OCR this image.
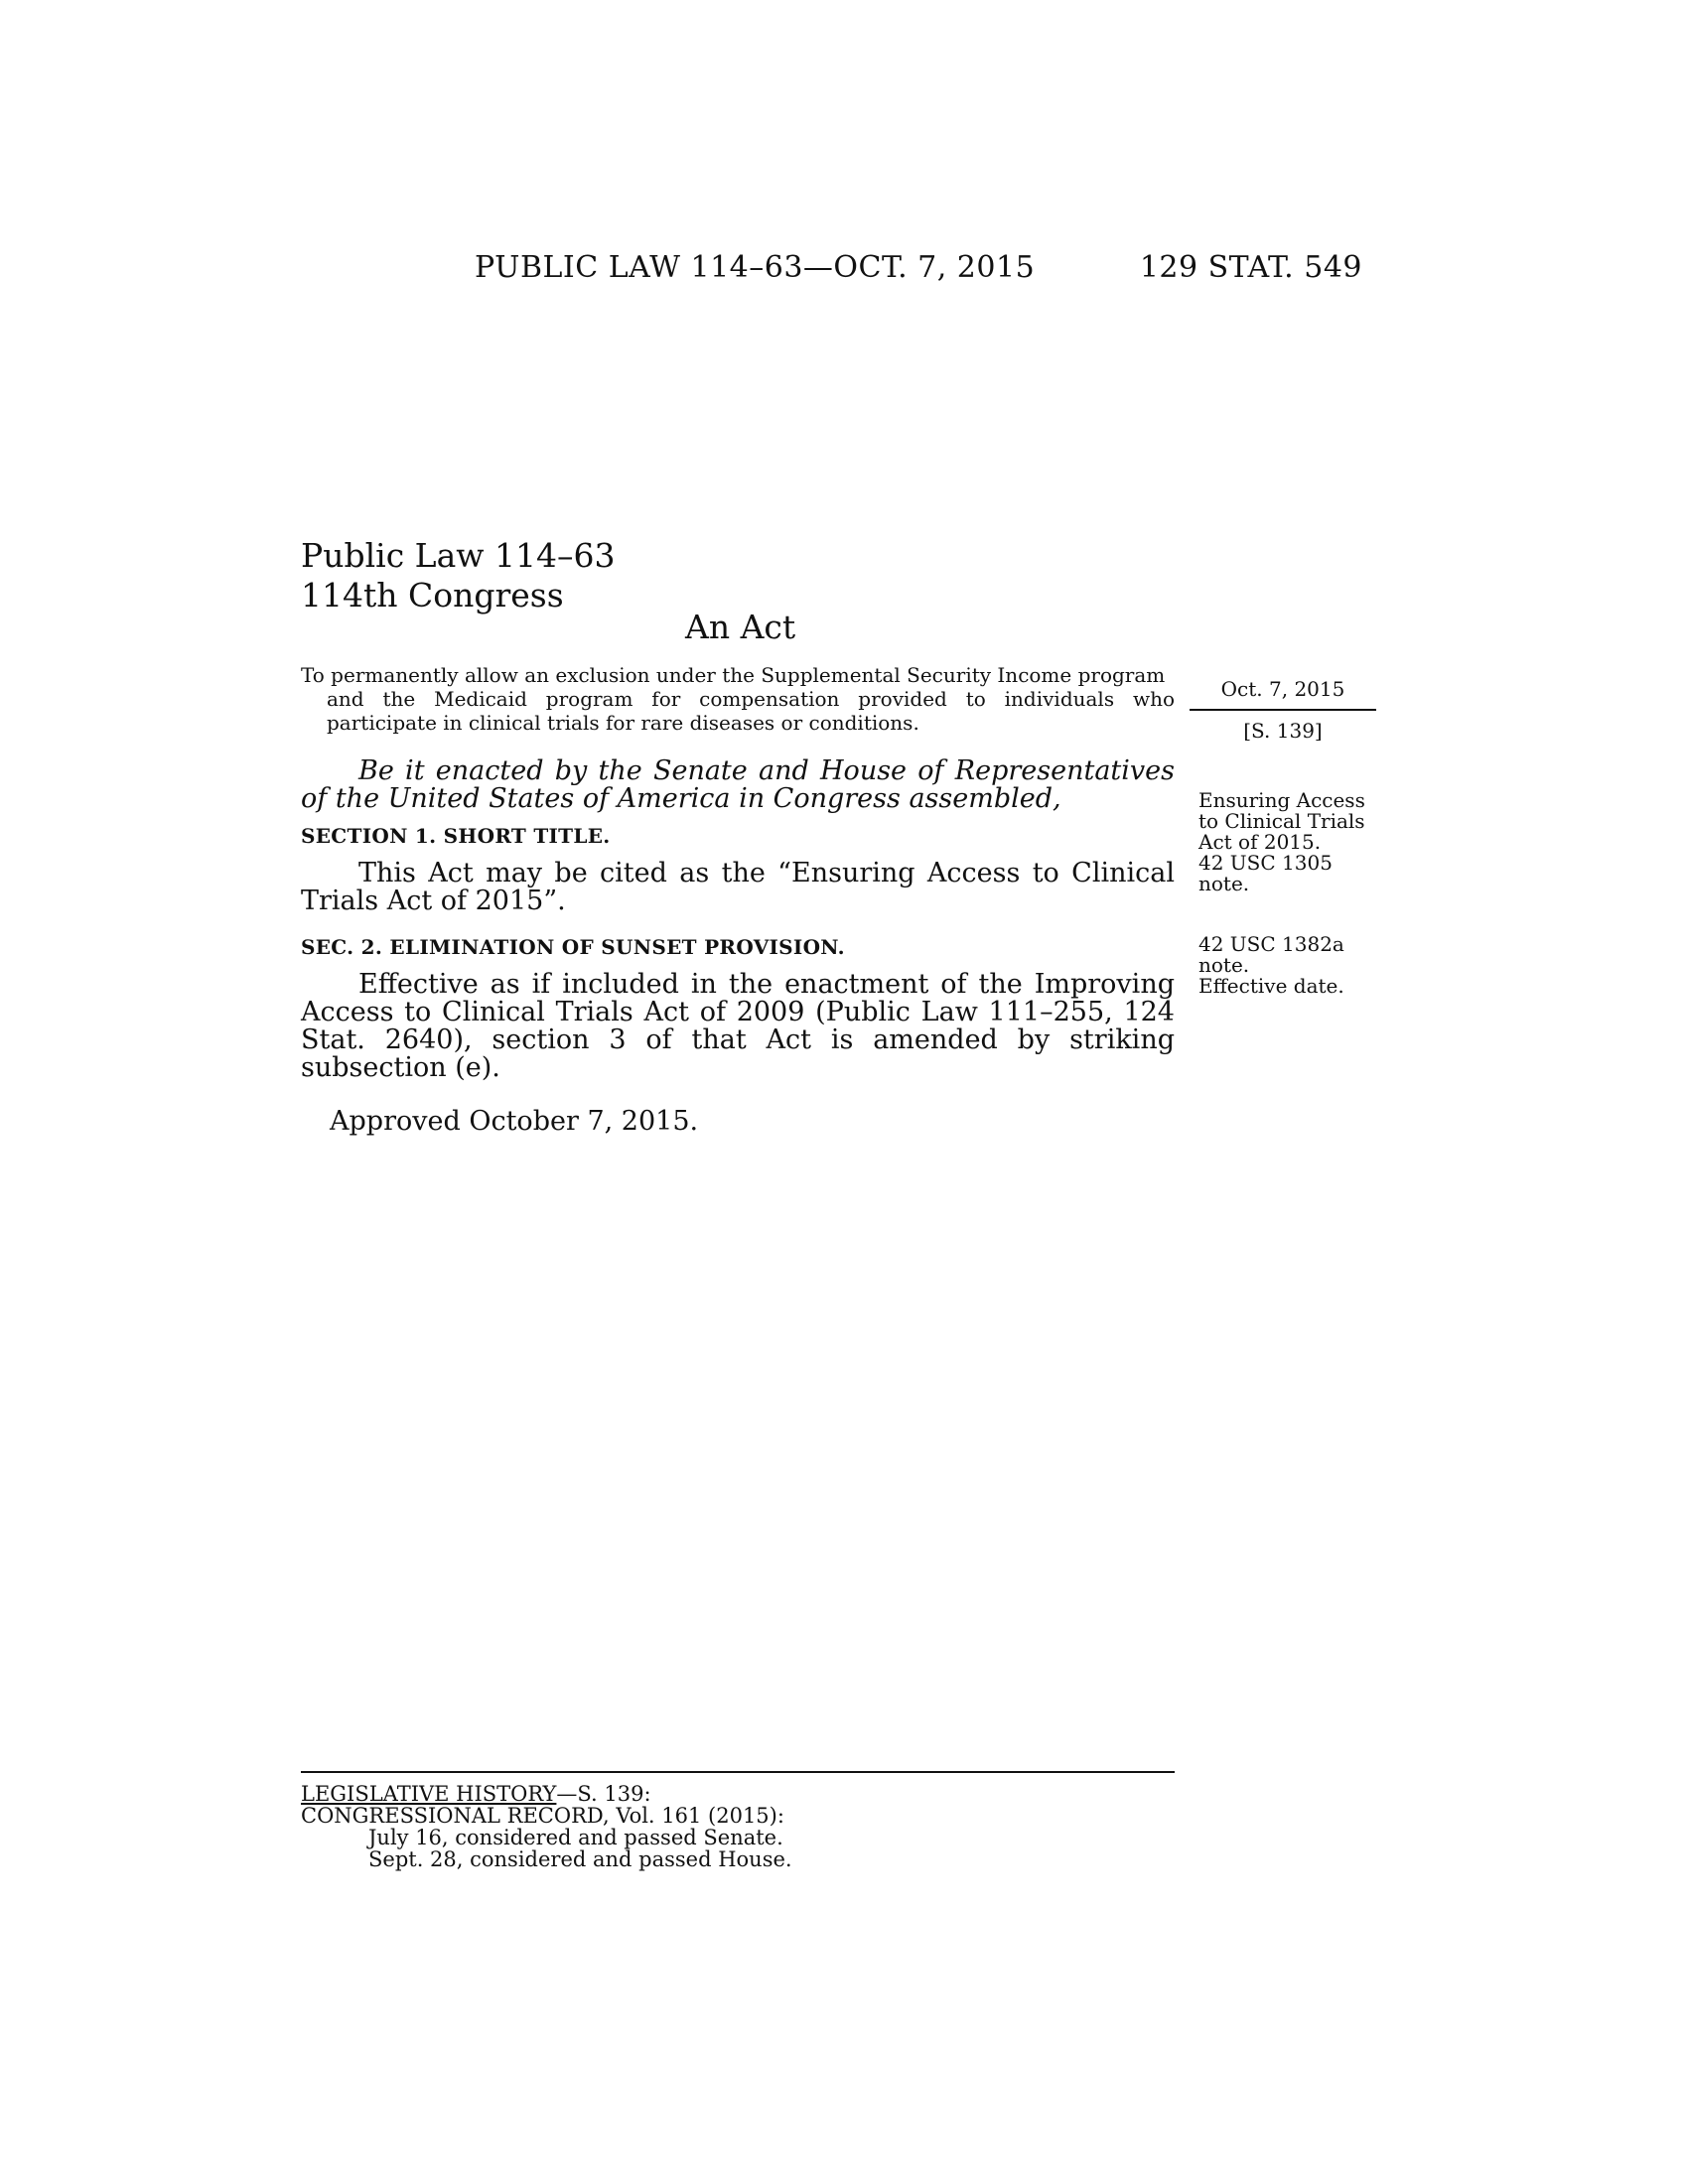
PUBLIC LAW 114–63—OCT. 7, 2015	129 STAT. 549
Public Law 114–63
114th Congress
An Act
To permanently allow an exclusion under the Supplemental Security Income program
and the Medicaid program for compensation provided to individuals who participate in clinical trials for rare diseases or conditions.
Oct. 7, 2015
[S. 139]
Be it enacted by the Senate and House of Representatives of the United States of America in Congress assembled,	Ensuring Access
to Clinical Trials
Act of 2015.
42 USC 1305
note.
42 USC 1382a
note.
Effective date.
SECTION 1. SHORT TITLE.
This Act may be cited as the “Ensuring Access to Clinical Trials Act of 2015”.
SEC. 2. ELIMINATION OF SUNSET PROVISION.
Effective as if included in the enactment of the Improving Access to Clinical Trials Act of 2009 (Public Law 111–255, 124 Stat. 2640), section 3 of that Act is amended by striking subsection (e).
Approved October 7, 2015.
LEGISLATIVE HISTORY—S. 139:
CONGRESSIONAL RECORD, Vol. 161 (2015):
July 16, considered and passed Senate.
Sept. 28, considered and passed House.
